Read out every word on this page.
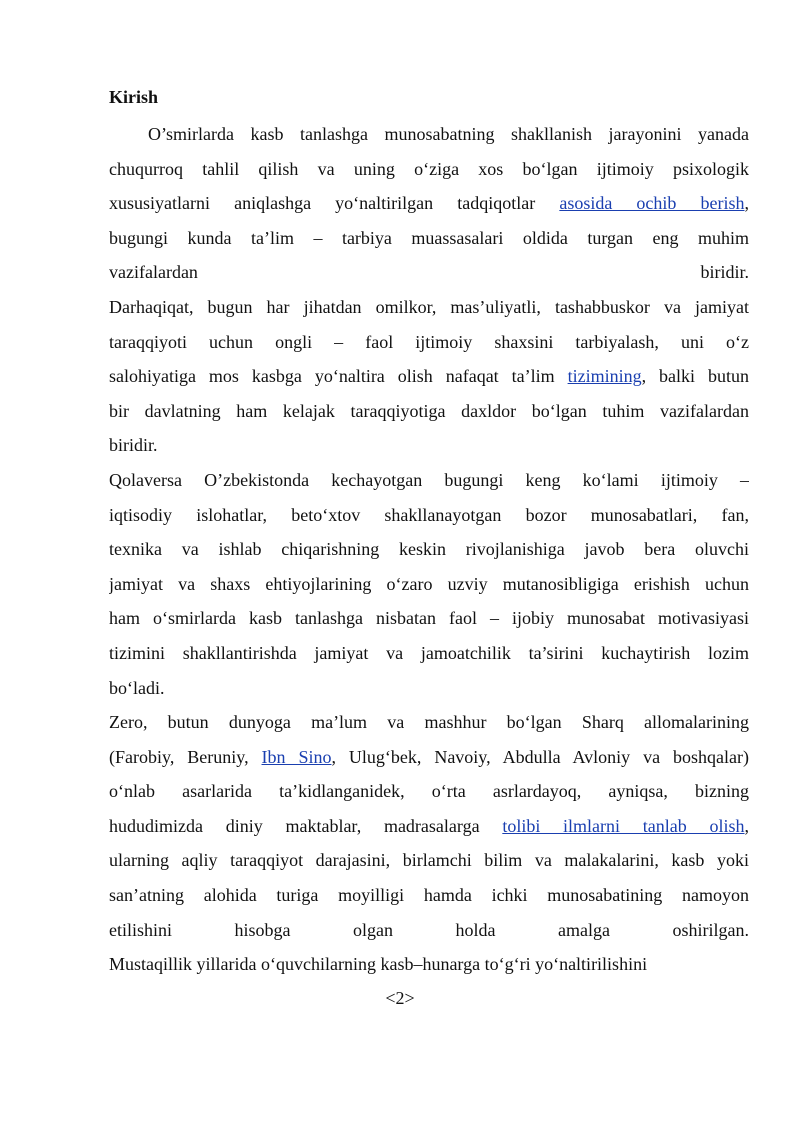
Kirish
O’smirlarda kasb tanlashga munosabatning shakllanish jarayonini yanada
chuqurroq tahlil qilish va uning o‘ziga xos bo‘lgan ijtimoiy psixologik
xususiyatlarni aniqlashga yo‘naltirilgan tadqiqotlar asosida ochib berish,
bugungi kunda ta’lim – tarbiya muassasalari oldida turgan eng muhim
vazifalardan	biridir.
Darhaqiqat, bugun har jihatdan omilkor, mas’uliyatli, tashabbuskor va jamiyat
taraqqiyoti uchun ongli – faol ijtimoiy shaxsini tarbiyalash, uni o‘z
salohiyatiga mos kasbga yo‘naltira olish nafaqat ta’lim tizimining, balki butun
bir davlatning ham kelajak taraqqiyotiga daxldor bo‘lgan tuhim vazifalardan
biridir.
Qolaversa O’zbekistonda kechayotgan bugungi keng ko‘lami ijtimoiy –
iqtisodiy islohatlar, beto‘xtov shakllanayotgan bozor munosabatlari, fan,
texnika va ishlab chiqarishning keskin rivojlanishiga javob bera oluvchi
jamiyat va shaxs ehtiyojlarining o‘zaro uzviy mutanosibligiga erishish uchun
ham o‘smirlarda kasb tanlashga nisbatan faol – ijobiy munosabat motivasiyasi
tizimini shakllantirishda jamiyat va jamoatchilik ta’sirini kuchaytirish lozim
bo‘ladi.
Zero, butun dunyoga ma’lum va mashhur bo‘lgan Sharq allomalarining
(Farobiy, Beruniy, Ibn Sino, Ulug‘bek, Navoiy, Abdulla Avloniy va boshqalar)
o‘nlab asarlarida ta’kidlanganidek, o‘rta asrlardayoq, ayniqsa, bizning
hududimizda diniy maktablar, madrasalarga tolibi ilmlarni tanlab olish,
ularning aqliy taraqqiyot darajasini, birlamchi bilim va malakalarini, kasb yoki
san’atning alohida turiga moyilligi hamda ichki munosabatining namoyon
etilishini hisobga olgan holda amalga oshirilgan.
Mustaqillik yillarida o‘quvchilarning kasb–hunarga to‘g‘ri yo‘naltirilishini
<2>
